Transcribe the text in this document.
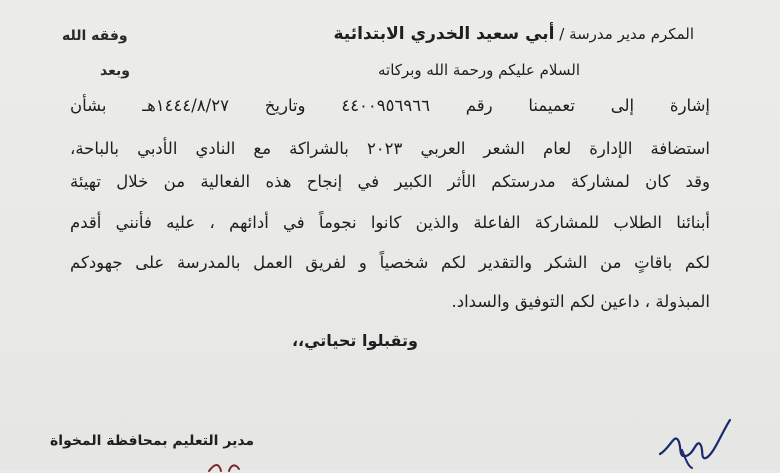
المكرم مدير مدرسة / أبي سعيد الخدري الابتدائية
السلام عليكم ورحمة الله وبركاته
وفقه الله
وبعد
إشارة إلى تعميمنا رقم ٤٤٠٠٩٥٦٩٦٦ وتاريخ ١٤٤٤/٨/٢٧هـ بشأن
استضافة الإدارة لعام الشعر العربي ٢٠٢٣ بالشراكة مع النادي الأدبي بالباحة،
وقد كان لمشاركة مدرستكم الأثر الكبير في إنجاح هذه الفعالية من خلال تهيئة
أبنائنا الطلاب للمشاركة الفاعلة والذين كانوا نجوماً في أدائهم ، عليه فأنني أقدم
لكم باقاتٍ من الشكر والتقدير لكم شخصياً و لفريق العمل بالمدرسة على جهودكم
المبذولة ، داعين لكم التوفيق والسداد.
وتقبلوا تحياتي،،
مدير التعليم بمحافظة المخواة
